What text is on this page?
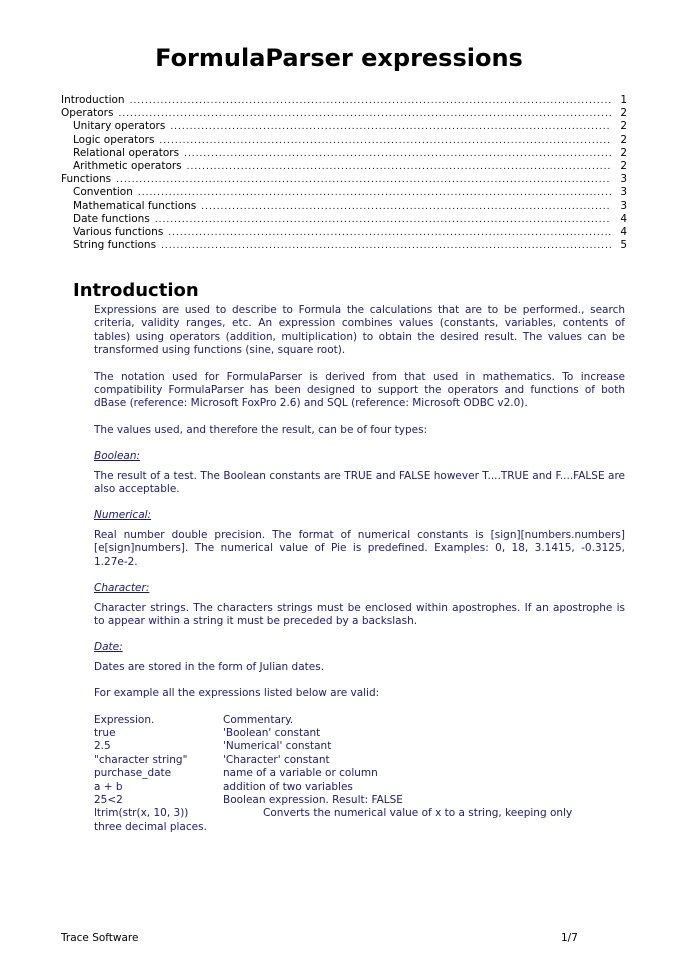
FormulaParser expressions
Introduction .....	1
Operators .....	2
Unitary operators .....	2
Logic operators .....	2
Relational operators .....	2
Arithmetic operators .....	2
Functions .....	3
Convention .....	3
Mathematical functions .....	3
Date functions .....	4
Various functions .....	4
String functions .....	5
Introduction

Expressions are used to describe to Formula the calculations that are to be performed., search criteria, validity ranges, etc. An expression combines values (constants, variables, contents of tables) using operators (addition, multiplication) to obtain the desired result. The values can be transformed using functions (sine, square root).

The notation used for FormulaParser is derived from that used in mathematics. To increase compatibility FormulaParser has been designed to support the operators and functions of both dBase (reference: Microsoft FoxPro 2.6) and SQL (reference: Microsoft ODBC v2.0).

The values used, and therefore the result, can be of four types:

Boolean:

The result of a test. The Boolean constants are TRUE and FALSE however T....TRUE and F....FALSE are also acceptable.

Numerical:

Real number double precision. The format of numerical constants is [sign][numbers.numbers][e[sign]numbers]. The numerical value of Pie is predefined. Examples: 0, 18, 3.1415, -0.3125, 1.27e-2.

Character:

Character strings. The characters strings must be enclosed within apostrophes. If an apostrophe is to appear within a string it must be preceded by a backslash.

Date:

Dates are stored in the form of Julian dates.

For example all the expressions listed below are valid:

Expression.	Commentary.
true	'Boolean' constant
2.5	'Numerical' constant
"character string"	'Character' constant
purchase_date	name of a variable or column
a + b	addition of two variables
25<2	Boolean expression. Result: FALSE
ltrim(str(x, 10, 3))	Converts the numerical value of x to a string, keeping only
three decimal places.	
Trace Software	1/7
